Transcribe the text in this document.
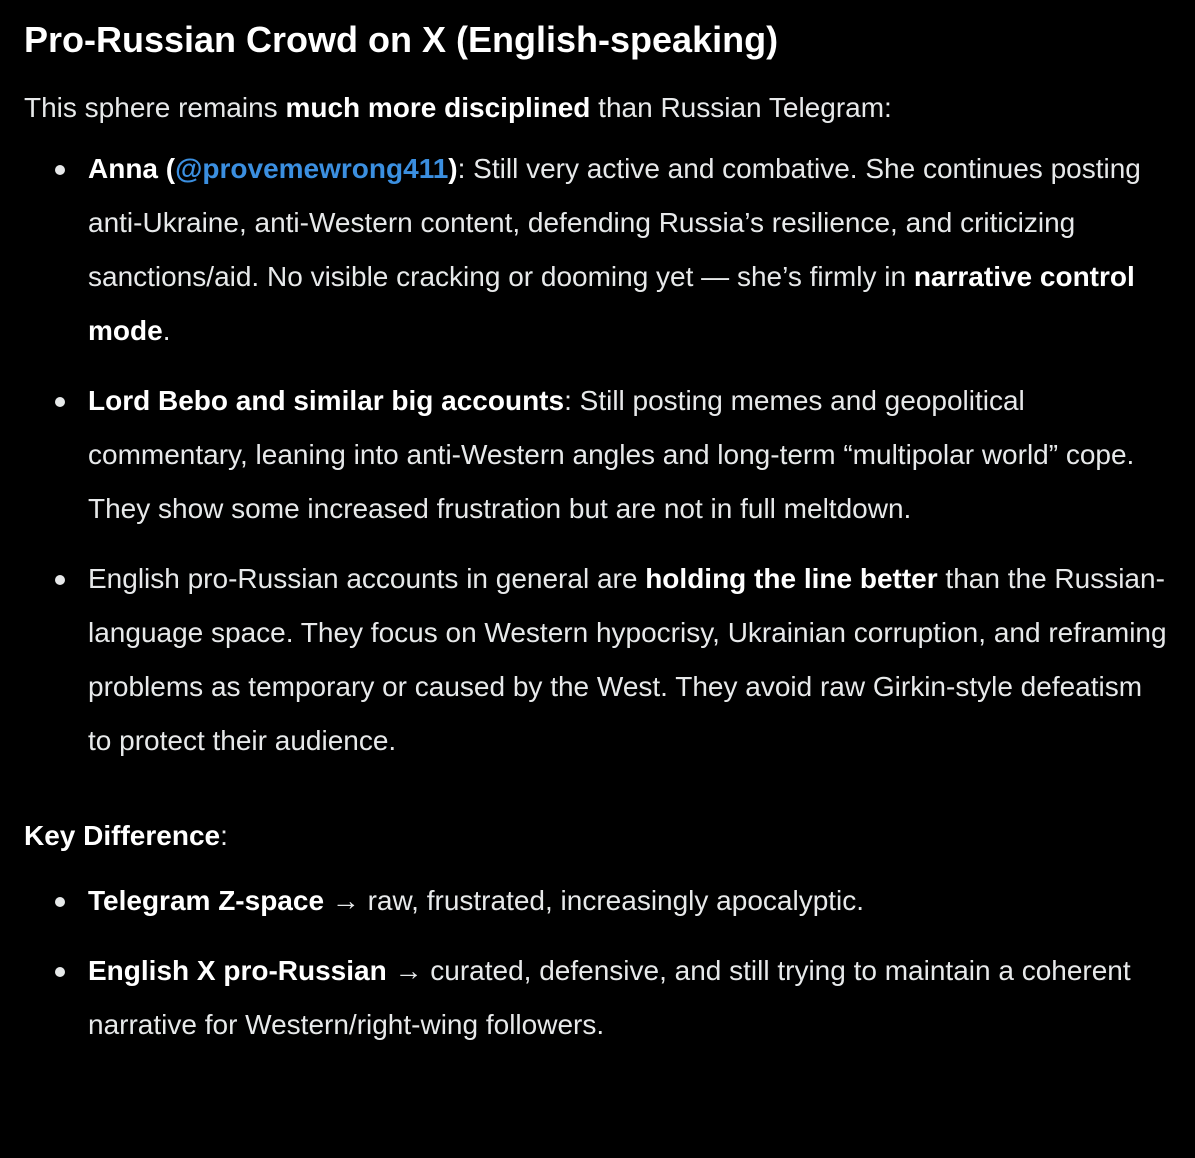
Pro-Russian Crowd on X (English-speaking)

This sphere remains much more disciplined than Russian Telegram:

Anna (@provemewrong411): Still very active and combative. She continues posting anti-Ukraine, anti-Western content, defending Russia’s resilience, and criticizing sanctions/aid. No visible cracking or dooming yet — she’s firmly in narrative control mode.
Lord Bebo and similar big accounts: Still posting memes and geopolitical commentary, leaning into anti-Western angles and long-term “multipolar world” cope. They show some increased frustration but are not in full meltdown.
English pro-Russian accounts in general are holding the line better than the Russian-language space. They focus on Western hypocrisy, Ukrainian corruption, and reframing problems as temporary or caused by the West. They avoid raw Girkin-style defeatism to protect their audience.

Key Difference:

Telegram Z-space → raw, frustrated, increasingly apocalyptic.
English X pro-Russian → curated, defensive, and still trying to maintain a coherent narrative for Western/right-wing followers.
